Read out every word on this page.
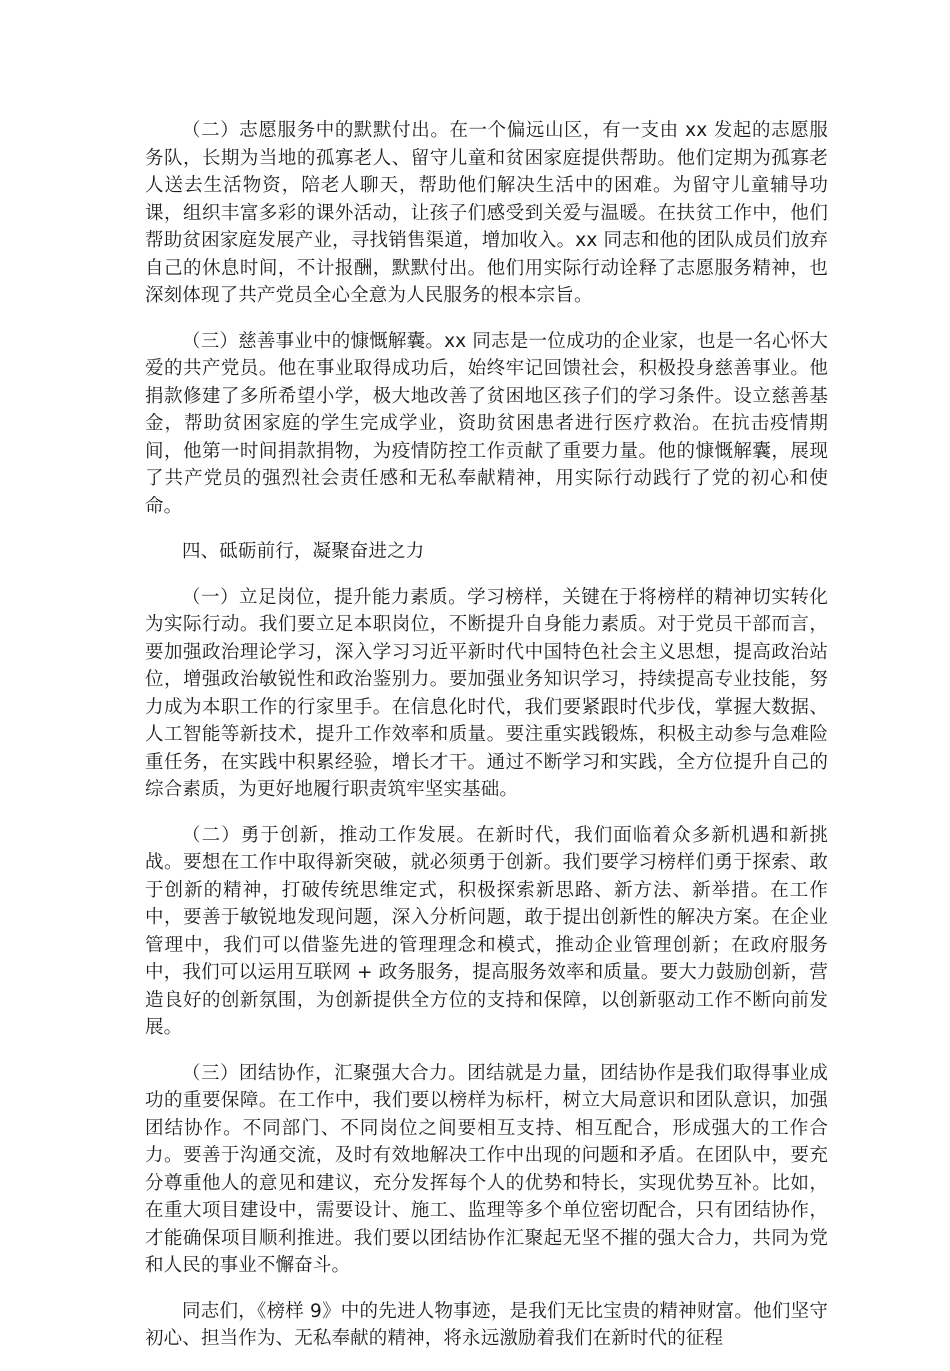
（二）志愿服务中的默默付出。在一个偏远山区，有一支由 xx 发起的志愿服务队，长期为当地的孤寡老人、留守儿童和贫困家庭提供帮助。他们定期为孤寡老人送去生活物资，陪老人聊天，帮助他们解决生活中的困难。为留守儿童辅导功课，组织丰富多彩的课外活动，让孩子们感受到关爱与温暖。在扶贫工作中，他们帮助贫困家庭发展产业，寻找销售渠道，增加收入。xx 同志和他的团队成员们放弃自己的休息时间，不计报酬，默默付出。他们用实际行动诠释了志愿服务精神，也深刻体现了共产党员全心全意为人民服务的根本宗旨。

（三）慈善事业中的慷慨解囊。xx 同志是一位成功的企业家，也是一名心怀大爱的共产党员。他在事业取得成功后，始终牢记回馈社会，积极投身慈善事业。他捐款修建了多所希望小学，极大地改善了贫困地区孩子们的学习条件。设立慈善基金，帮助贫困家庭的学生完成学业，资助贫困患者进行医疗救治。在抗击疫情期间，他第一时间捐款捐物，为疫情防控工作贡献了重要力量。他的慷慨解囊，展现了共产党员的强烈社会责任感和无私奉献精神，用实际行动践行了党的初心和使命。

四、砥砺前行，凝聚奋进之力

（一）立足岗位，提升能力素质。学习榜样，关键在于将榜样的精神切实转化为实际行动。我们要立足本职岗位，不断提升自身能力素质。对于党员干部而言，要加强政治理论学习，深入学习习近平新时代中国特色社会主义思想，提高政治站位，增强政治敏锐性和政治鉴别力。要加强业务知识学习，持续提高专业技能，努力成为本职工作的行家里手。在信息化时代，我们要紧跟时代步伐，掌握大数据、人工智能等新技术，提升工作效率和质量。要注重实践锻炼，积极主动参与急难险重任务，在实践中积累经验，增长才干。通过不断学习和实践，全方位提升自己的综合素质，为更好地履行职责筑牢坚实基础。

（二）勇于创新，推动工作发展。在新时代，我们面临着众多新机遇和新挑战。要想在工作中取得新突破，就必须勇于创新。我们要学习榜样们勇于探索、敢于创新的精神，打破传统思维定式，积极探索新思路、新方法、新举措。在工作中，要善于敏锐地发现问题，深入分析问题，敢于提出创新性的解决方案。在企业管理中，我们可以借鉴先进的管理理念和模式，推动企业管理创新；在政府服务中，我们可以运用互联网 + 政务服务，提高服务效率和质量。要大力鼓励创新，营造良好的创新氛围，为创新提供全方位的支持和保障，以创新驱动工作不断向前发展。

（三）团结协作，汇聚强大合力。团结就是力量，团结协作是我们取得事业成功的重要保障。在工作中，我们要以榜样为标杆，树立大局意识和团队意识，加强团结协作。不同部门、不同岗位之间要相互支持、相互配合，形成强大的工作合力。要善于沟通交流，及时有效地解决工作中出现的问题和矛盾。在团队中，要充分尊重他人的意见和建议，充分发挥每个人的优势和特长，实现优势互补。比如，在重大项目建设中，需要设计、施工、监理等多个单位密切配合，只有团结协作，才能确保项目顺利推进。我们要以团结协作汇聚起无坚不摧的强大合力，共同为党和人民的事业不懈奋斗。

同志们，《榜样 9》中的先进人物事迹，是我们无比宝贵的精神财富。他们坚守初心、担当作为、无私奉献的精神，将永远激励着我们在新时代的征程
